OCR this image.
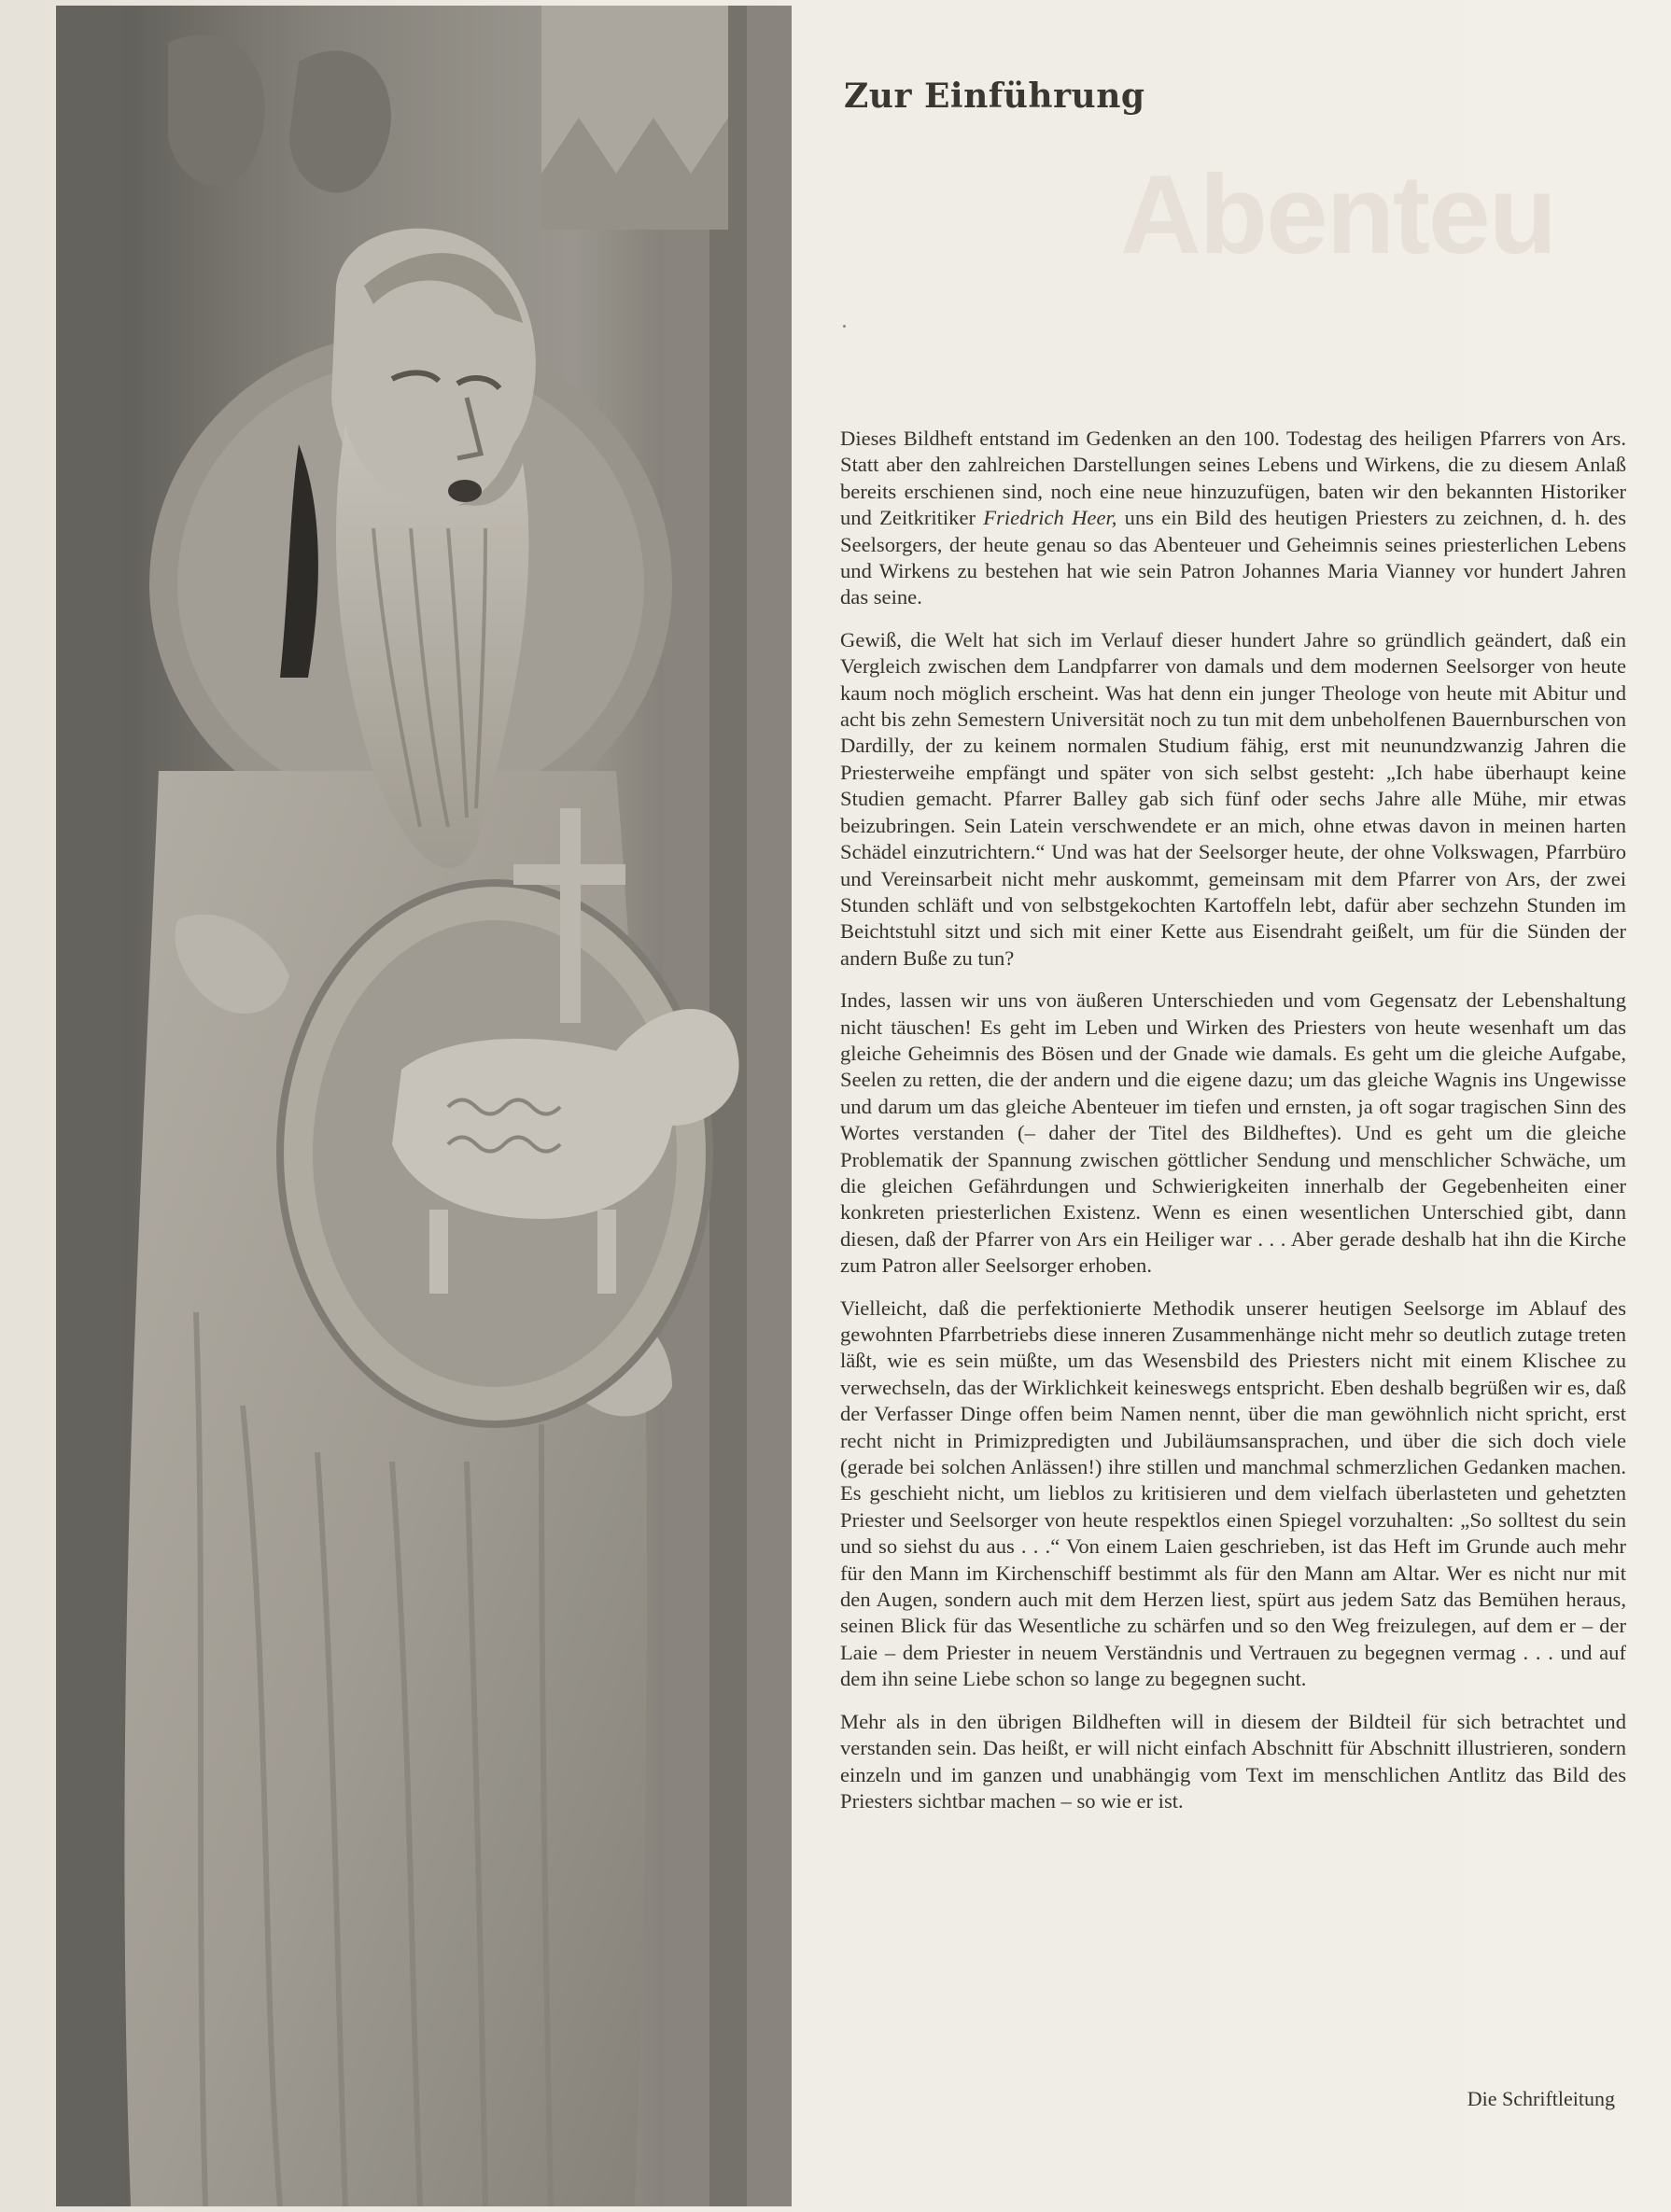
Abenteu
Zur Einführung

Dieses Bildheft entstand im Gedenken an den 100. Todestag des heiligen Pfarrers von Ars. Statt aber den zahlreichen Darstellungen seines Lebens und Wirkens, die zu diesem Anlaß bereits erschienen sind, noch eine neue hinzuzufügen, baten wir den bekannten Historiker und Zeitkritiker Friedrich Heer, uns ein Bild des heutigen Priesters zu zeichnen, d. h. des Seelsorgers, der heute genau so das Abenteuer und Geheimnis seines priesterlichen Lebens und Wirkens zu bestehen hat wie sein Patron Johannes Maria Vianney vor hundert Jahren das seine.

Gewiß, die Welt hat sich im Verlauf dieser hundert Jahre so gründlich geändert, daß ein Vergleich zwischen dem Landpfarrer von damals und dem modernen Seelsorger von heute kaum noch möglich erscheint. Was hat denn ein junger Theologe von heute mit Abitur und acht bis zehn Semestern Universität noch zu tun mit dem unbeholfenen Bauernburschen von Dardilly, der zu keinem normalen Studium fähig, erst mit neunundzwanzig Jahren die Priesterweihe empfängt und später von sich selbst gesteht: „Ich habe überhaupt keine Studien gemacht. Pfarrer Balley gab sich fünf oder sechs Jahre alle Mühe, mir etwas beizubringen. Sein Latein verschwendete er an mich, ohne etwas davon in meinen harten Schädel einzutrichtern.“ Und was hat der Seelsorger heute, der ohne Volkswagen, Pfarrbüro und Vereinsarbeit nicht mehr auskommt, gemeinsam mit dem Pfarrer von Ars, der zwei Stunden schläft und von selbstgekochten Kartoffeln lebt, dafür aber sechzehn Stunden im Beichtstuhl sitzt und sich mit einer Kette aus Eisendraht geißelt, um für die Sünden der andern Buße zu tun?

Indes, lassen wir uns von äußeren Unterschieden und vom Gegensatz der Lebenshaltung nicht täuschen! Es geht im Leben und Wirken des Priesters von heute wesenhaft um das gleiche Geheimnis des Bösen und der Gnade wie damals. Es geht um die gleiche Aufgabe, Seelen zu retten, die der andern und die eigene dazu; um das gleiche Wagnis ins Ungewisse und darum um das gleiche Abenteuer im tiefen und ernsten, ja oft sogar tragischen Sinn des Wortes verstanden (– daher der Titel des Bildheftes). Und es geht um die gleiche Problematik der Spannung zwischen göttlicher Sendung und menschlicher Schwäche, um die gleichen Gefährdungen und Schwierigkeiten innerhalb der Gegebenheiten einer konkreten priesterlichen Existenz. Wenn es einen wesentlichen Unterschied gibt, dann diesen, daß der Pfarrer von Ars ein Heiliger war . . . Aber gerade deshalb hat ihn die Kirche zum Patron aller Seelsorger erhoben.

Vielleicht, daß die perfektionierte Methodik unserer heutigen Seelsorge im Ablauf des gewohnten Pfarrbetriebs diese inneren Zusammenhänge nicht mehr so deutlich zutage treten läßt, wie es sein müßte, um das Wesensbild des Priesters nicht mit einem Klischee zu verwechseln, das der Wirklichkeit keineswegs entspricht. Eben deshalb begrüßen wir es, daß der Verfasser Dinge offen beim Namen nennt, über die man gewöhnlich nicht spricht, erst recht nicht in Primizpredigten und Jubiläumsansprachen, und über die sich doch viele (gerade bei solchen Anlässen!) ihre stillen und manchmal schmerzlichen Gedanken machen. Es geschieht nicht, um lieblos zu kritisieren und dem vielfach überlasteten und gehetzten Priester und Seelsorger von heute respektlos einen Spiegel vorzuhalten: „So solltest du sein und so siehst du aus . . .“ Von einem Laien geschrieben, ist das Heft im Grunde auch mehr für den Mann im Kirchenschiff bestimmt als für den Mann am Altar. Wer es nicht nur mit den Augen, sondern auch mit dem Herzen liest, spürt aus jedem Satz das Bemühen heraus, seinen Blick für das Wesentliche zu schärfen und so den Weg freizulegen, auf dem er – der Laie – dem Priester in neuem Verständnis und Vertrauen zu begegnen vermag . . . und auf dem ihn seine Liebe schon so lange zu begegnen sucht.

Mehr als in den übrigen Bildheften will in diesem der Bildteil für sich betrachtet und verstanden sein. Das heißt, er will nicht einfach Abschnitt für Abschnitt illustrieren, sondern einzeln und im ganzen und unabhängig vom Text im menschlichen Antlitz das Bild des Priesters sichtbar machen – so wie er ist.

Die Schriftleitung
